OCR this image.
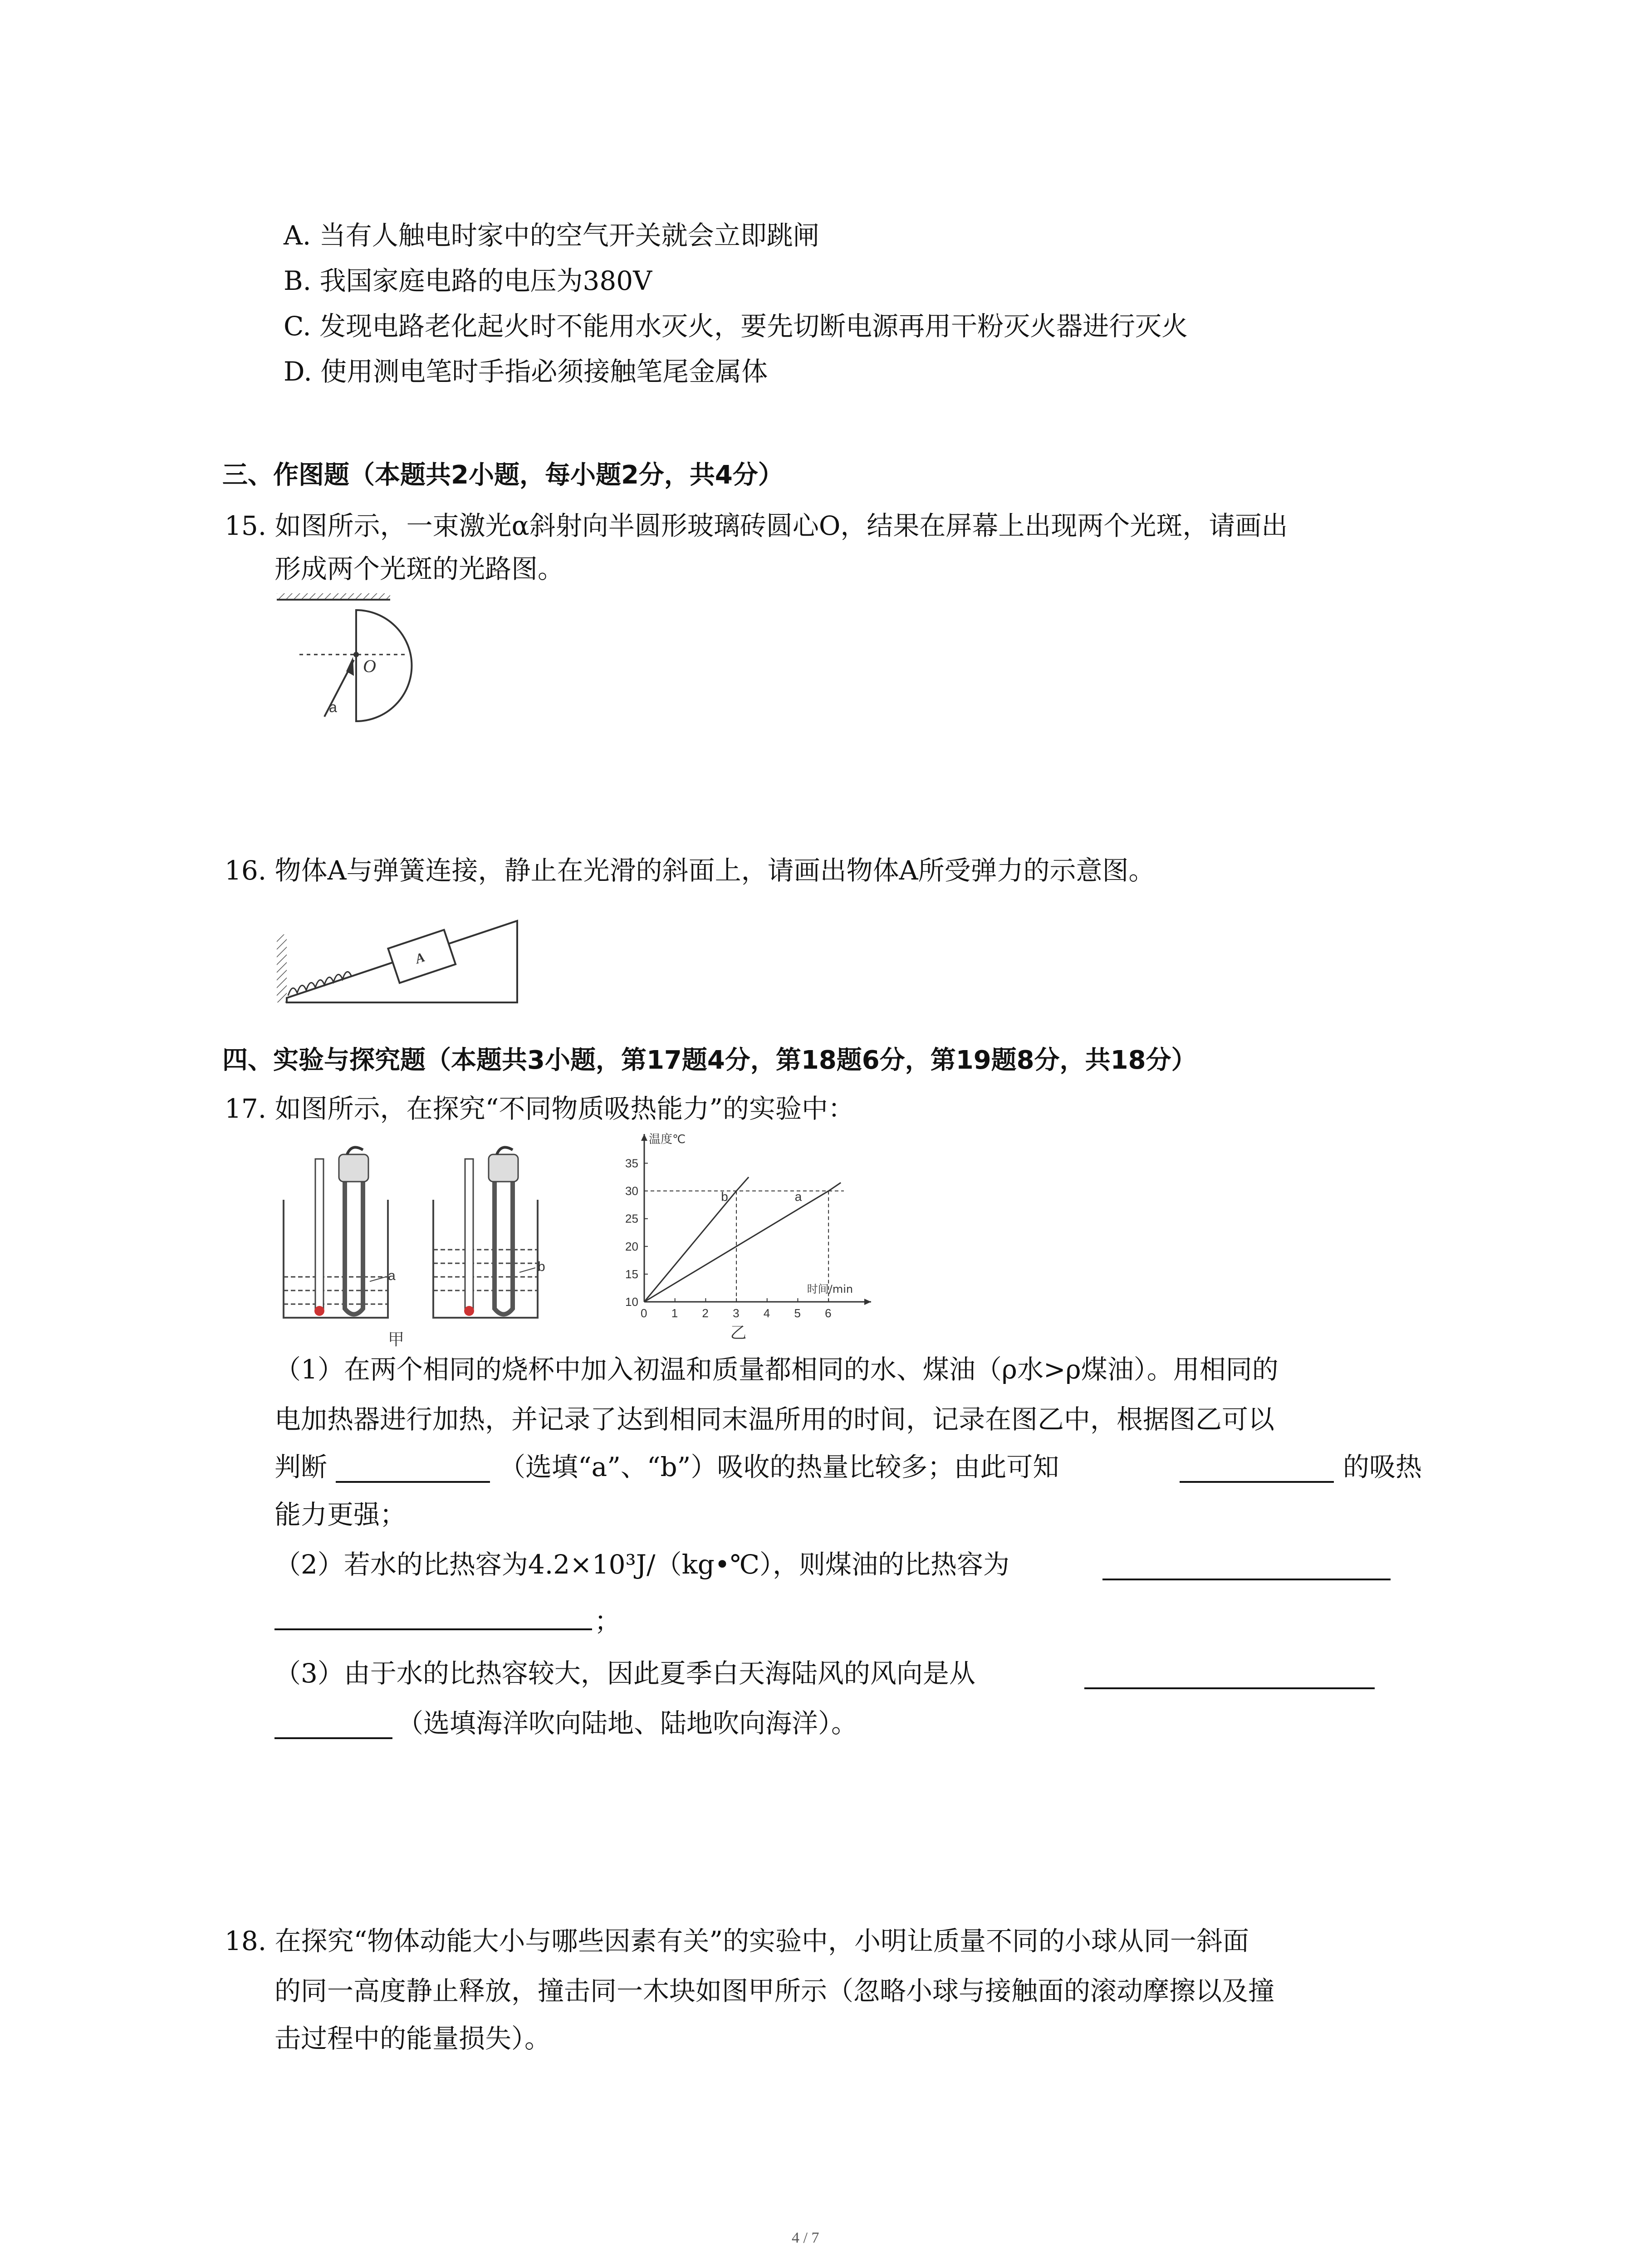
A. 当有人触电时家中的空气开关就会立即跳闸
B. 我国家庭电路的电压为380V
C. 发现电路老化起火时不能用水灭火，要先切断电源再用干粉灭火器进行灭火
D. 使用测电笔时手指必须接触笔尾金属体
三、作图题（本题共2小题，每小题2分，共4分）
15. 如图所示，一束激光α斜射向半圆形玻璃砖圆心O，结果在屏幕上出现两个光斑，请画出
形成两个光斑的光路图。
O
a
16. 物体A与弹簧连接，静止在光滑的斜面上，请画出物体A所受弹力的示意图。
A
四、实验与探究题（本题共3小题，第17题4分，第18题6分，第19题8分，共18分）
17. 如图所示，在探究“不同物质吸热能力”的实验中：
a
b
甲
0 1 2 3 4 5 6
10
15
20
25
30
35
b	a
温度℃
时间/min
乙
（1）在两个相同的烧杯中加入初温和质量都相同的水、煤油（ρ水>ρ煤油）。用相同的
电加热器进行加热，并记录了达到相同末温所用的时间，记录在图乙中，根据图乙可以
判断	（选填“a”、“b”）吸收的热量比较多；由此可知	的吸热
能力更强；
（2）若水的比热容为4.2×10³J/（kg•℃），则煤油的比热容为
；
（3）由于水的比热容较大，因此夏季白天海陆风的风向是从
（选填海洋吹向陆地、陆地吹向海洋）。
18. 在探究“物体动能大小与哪些因素有关”的实验中，小明让质量不同的小球从同一斜面
的同一高度静止释放，撞击同一木块如图甲所示（忽略小球与接触面的滚动摩擦以及撞
击过程中的能量损失）。
4 / 7
